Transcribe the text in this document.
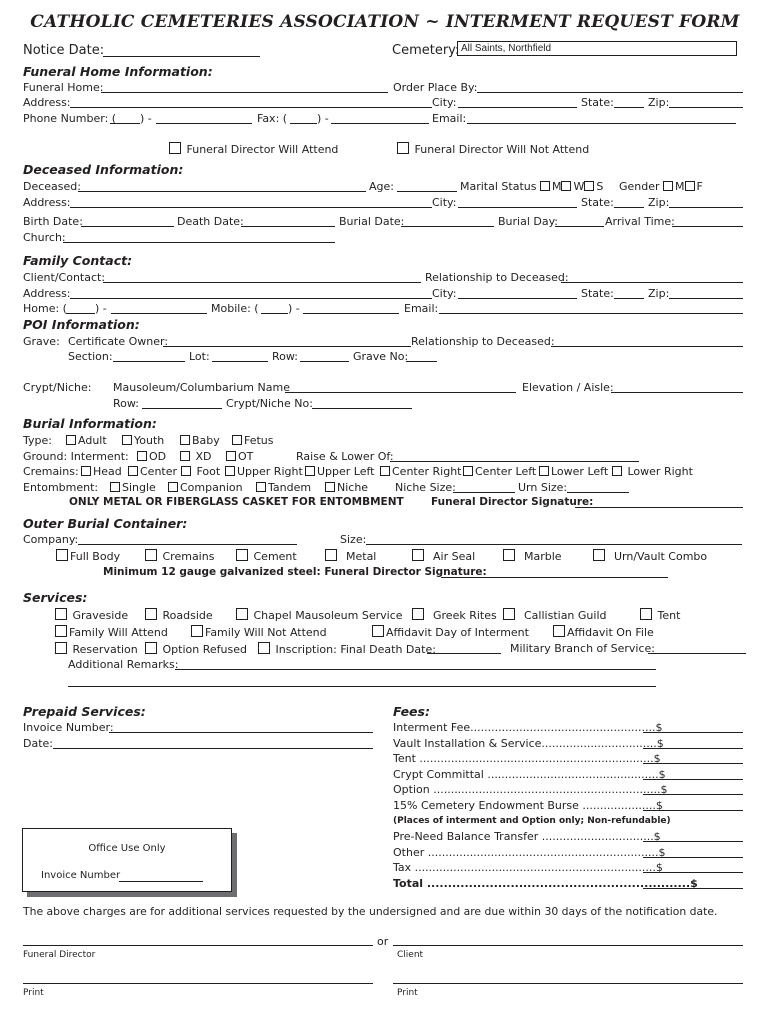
CATHOLIC CEMETERIES ASSOCIATION ~ INTERMENT REQUEST FORM
Notice Date:	Cemetery: All Saints, Northfield
Funeral Home Information:
Funeral Home:	Order Place By:
Address:	City:	State:	Zip:
Phone Number: ( ) -	Fax: (	) -	Email:
Funeral Director Will Attend	Funeral Director Will Not Attend
Deceased Information:
Deceased:	Age:	Marital Status M W S Gender M F
Address:	City:	State:	Zip:
Birth Date:	Death Date:	Burial Date:	Burial Day:	Arrival Time:
Church:
Family Contact:
Client/Contact:	Relationship to Deceased:
Address:	City:	State:	Zip:
Home: (	) -	Mobile: (	) -	Email:
POI Information:
Grave: Certificate Owner:	Relationship to Deceased:
Section:	Lot:	Row:	Grave No:
Crypt/Niche: Mausoleum/Columbarium Name	Elevation / Aisle:
Row:	Crypt/Niche No:
Burial Information:
Type:	Adult	Youth	Baby	Fetus
Ground: Interment:	OD	XD	OT	Raise & Lower Of:
Cremains:	Head	Center	Foot	Upper Right	Upper Left	Center Right	Center Left	Lower Left	Lower Right
Entombment:	Single	Companion	Tandem	Niche Niche Size:	Urn Size:
ONLY METAL OR FIBERGLASS CASKET FOR ENTOMBMENT	Funeral Director Signature:
Outer Burial Container:
Company:	Size:
Full Body	Cremains	Cement	Metal	Air Seal	Marble	Urn/Vault Combo
Minimum 12 gauge galvanized steel: Funeral Director Signature:
Services:
Graveside	Roadside	Chapel Mausoleum Service	Greek Rites	Callistian Guild	Tent
Family Will Attend	Family Will Not Attend	Affidavit Day of Interment	Affidavit On File
Reservation	Option Refused	Inscription: Final Death Date:	Military Branch of Service:
Additional Remarks:
Prepaid Services:
Invoice Number:
Date:
Office Use Only
Invoice Number
Fees:
Interment Fee.....................................................$
Vault Installation & Service.................................$
Tent ...................................................................$
Crypt Committal .................................................$
Option .................................................................$
15% Cemetery Endowment Burse .....................$
(Places of interment and Option only; Non-refundable)
Pre-Need Balance Transfer ................................$
Other ..................................................................$
Tax .....................................................................$
Total ...............................................................$
The above charges are for additional services requested by the undersigned and are due within 30 days of the notification date.
or
Funeral Director	Client
Print	Print
